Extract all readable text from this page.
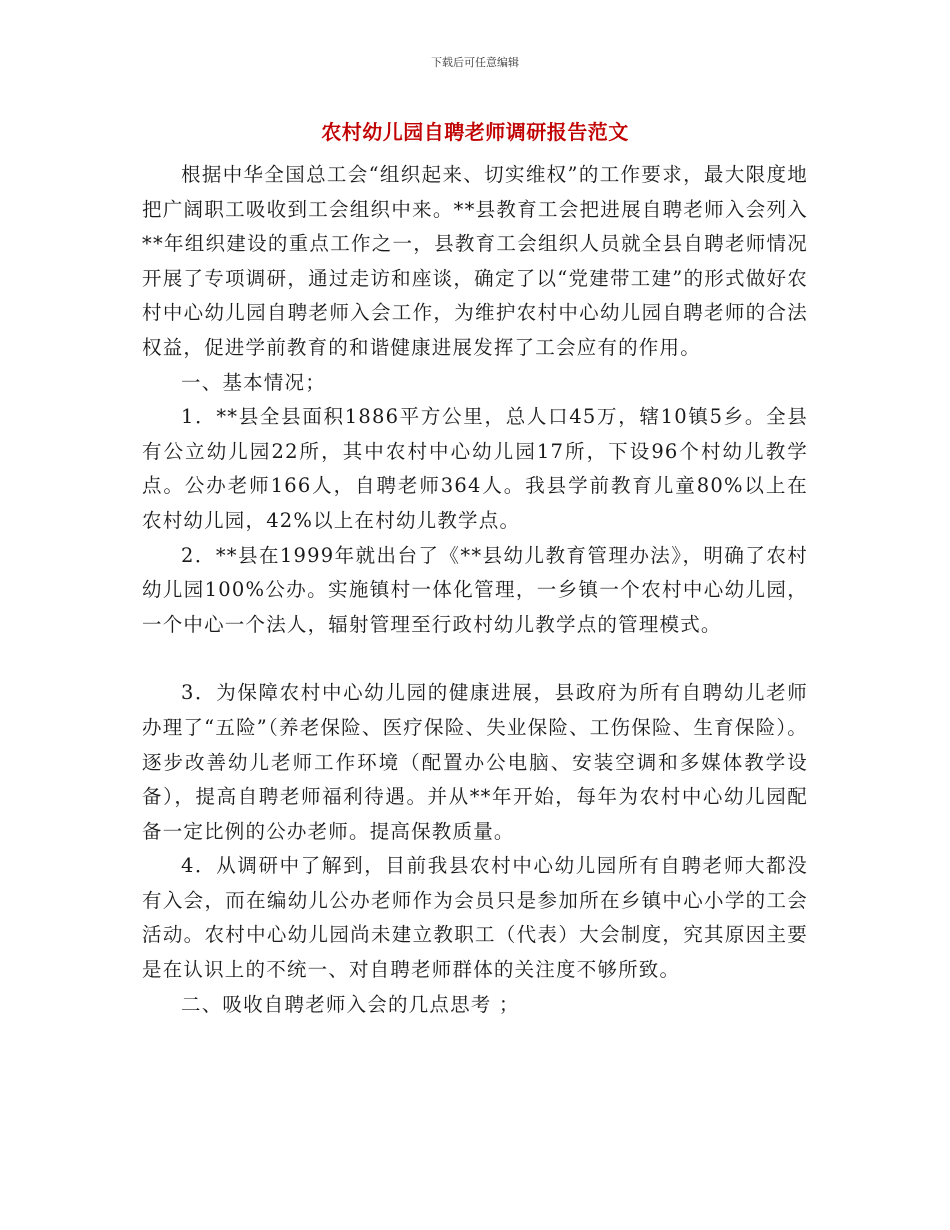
下载后可任意编辑
农村幼儿园自聘老师调研报告范文

根据中华全国总工会“组织起来、切实维权”的工作要求，最大限度地把广阔职工吸收到工会组织中来。**县教育工会把进展自聘老师入会列入**年组织建设的重点工作之一，县教育工会组织人员就全县自聘老师情况开展了专项调研，通过走访和座谈，确定了以“党建带工建”的形式做好农村中心幼儿园自聘老师入会工作，为维护农村中心幼儿园自聘老师的合法权益，促进学前教育的和谐健康进展发挥了工会应有的作用。

一、基本情况；

1．**县全县面积1886平方公里，总人口45万，辖10镇5乡。全县有公立幼儿园22所，其中农村中心幼儿园17所，下设96个村幼儿教学点。公办老师166人，自聘老师364人。我县学前教育儿童80%以上在农村幼儿园，42%以上在村幼儿教学点。

2．**县在1999年就出台了《**县幼儿教育管理办法》，明确了农村幼儿园100%公办。实施镇村一体化管理，一乡镇一个农村中心幼儿园，一个中心一个法人，辐射管理至行政村幼儿教学点的管理模式。

3．为保障农村中心幼儿园的健康进展，县政府为所有自聘幼儿老师办理了“五险”（养老保险、医疗保险、失业保险、工伤保险、生育保险）。逐步改善幼儿老师工作环境（配置办公电脑、安装空调和多媒体教学设备），提高自聘老师福利待遇。并从**年开始，每年为农村中心幼儿园配备一定比例的公办老师。提高保教质量。

4．从调研中了解到，目前我县农村中心幼儿园所有自聘老师大都没有入会，而在编幼儿公办老师作为会员只是参加所在乡镇中心小学的工会活动。农村中心幼儿园尚未建立教职工（代表）大会制度，究其原因主要是在认识上的不统一、对自聘老师群体的关注度不够所致。

二、吸收自聘老师入会的几点思考 ；
